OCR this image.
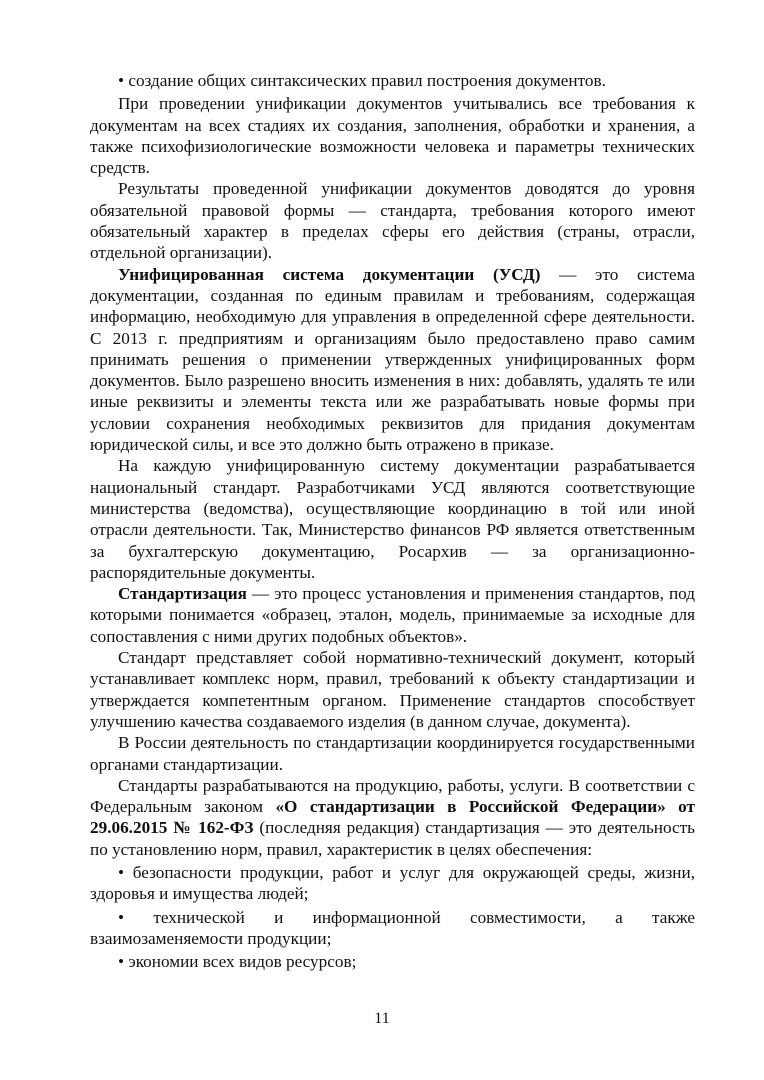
• создание общих синтаксических правил построения документов.

При проведении унификации документов учитывались все требования к документам на всех стадиях их создания, заполнения, обработки и хранения, а также психофизиологические возможности человека и параметры технических средств.

Результаты проведенной унификации документов доводятся до уровня обязательной правовой формы — стандарта, требования которого имеют обязательный характер в пределах сферы его действия (страны, отрасли, отдельной организации).

Унифицированная система документации (УСД) — это система документации, созданная по единым правилам и требованиям, содержащая информацию, необходимую для управления в определенной сфере деятельности. С 2013 г. предприятиям и организациям было предоставлено право самим принимать решения о применении утвержденных унифицированных форм документов. Было разрешено вносить изменения в них: добавлять, удалять те или иные реквизиты и элементы текста или же разрабатывать новые формы при условии сохранения необходимых реквизитов для придания документам юридической силы, и все это должно быть отражено в приказе.

На каждую унифицированную систему документации разрабатывается национальный стандарт. Разработчиками УСД являются соответствующие министерства (ведомства), осуществляющие координацию в той или иной отрасли деятельности. Так, Министерство финансов РФ является ответственным за бухгалтерскую документацию, Росархив — за организационно-распорядительные документы.

Стандартизация — это процесс установления и применения стандартов, под которыми понимается «образец, эталон, модель, принимаемые за исходные для сопоставления с ними других подобных объектов».

Стандарт представляет собой нормативно-технический документ, который устанавливает комплекс норм, правил, требований к объекту стандартизации и утверждается компетентным органом. Применение стандартов способствует улучшению качества создаваемого изделия (в данном случае, документа).

В России деятельность по стандартизации координируется государственными органами стандартизации.

Стандарты разрабатываются на продукцию, работы, услуги. В соответствии с Федеральным законом «О стандартизации в Российской Федерации» от 29.06.2015 № 162-ФЗ (последняя редакция) стандартизация — это деятельность по установлению норм, правил, характеристик в целях обеспечения:

• безопасности продукции, работ и услуг для окружающей среды, жизни, здоровья и имущества людей;

• технической и информационной совместимости, а также взаимозаменяемости продукции;

• экономии всех видов ресурсов;

11
